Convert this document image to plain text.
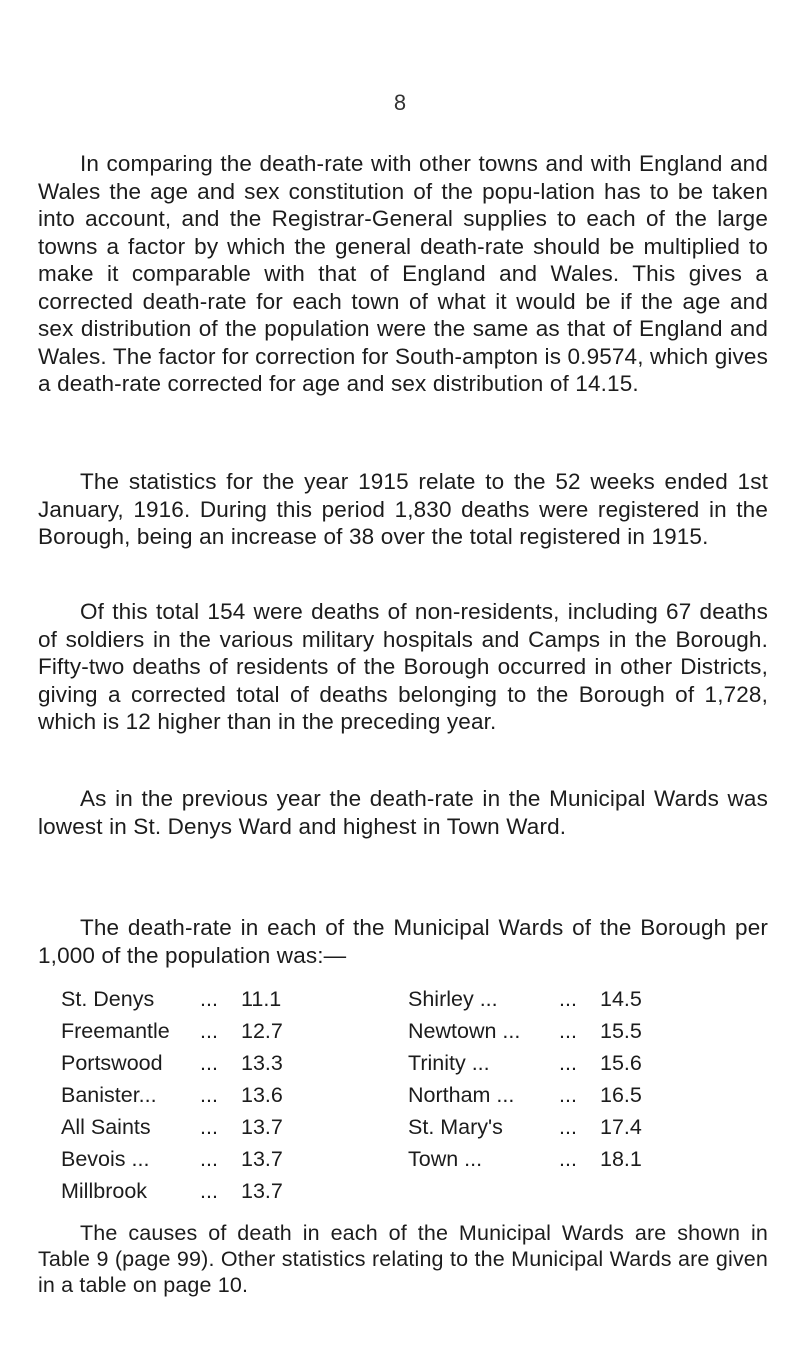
8

In comparing the death-rate with other towns and with England and Wales the age and sex constitution of the popu-lation has to be taken into account, and the Registrar-General supplies to each of the large towns a factor by which the general death-rate should be multiplied to make it comparable with that of England and Wales. This gives a corrected death-rate for each town of what it would be if the age and sex distribution of the population were the same as that of England and Wales. The factor for correction for South-ampton is 0.9574, which gives a death-rate corrected for age and sex distribution of 14.15.

The statistics for the year 1915 relate to the 52 weeks ended 1st January, 1916. During this period 1,830 deaths were registered in the Borough, being an increase of 38 over the total registered in 1915.

Of this total 154 were deaths of non-residents, including 67 deaths of soldiers in the various military hospitals and Camps in the Borough. Fifty-two deaths of residents of the Borough occurred in other Districts, giving a corrected total of deaths belonging to the Borough of 1,728, which is 12 higher than in the preceding year.

As in the previous year the death-rate in the Municipal Wards was lowest in St. Denys Ward and highest in Town Ward.

The death-rate in each of the Municipal Wards of the Borough per 1,000 of the population was:—

St. Denys ... 11.1
Freemantle ... 12.7
Portswood ... 13.3
Banister... ... 13.6
All Saints ... 13.7
Bevois ... ... 13.7
Millbrook ... 13.7
Shirley ...	... 14.5
Newtown ... ... 15.5
Trinity ...	... 15.6
Northam ... ... 16.5
St. Mary's	... 17.4
Town ...	... 18.1

The causes of death in each of the Municipal Wards are shown in Table 9 (page 99). Other statistics relating to the Municipal Wards are given in a table on page 10.
